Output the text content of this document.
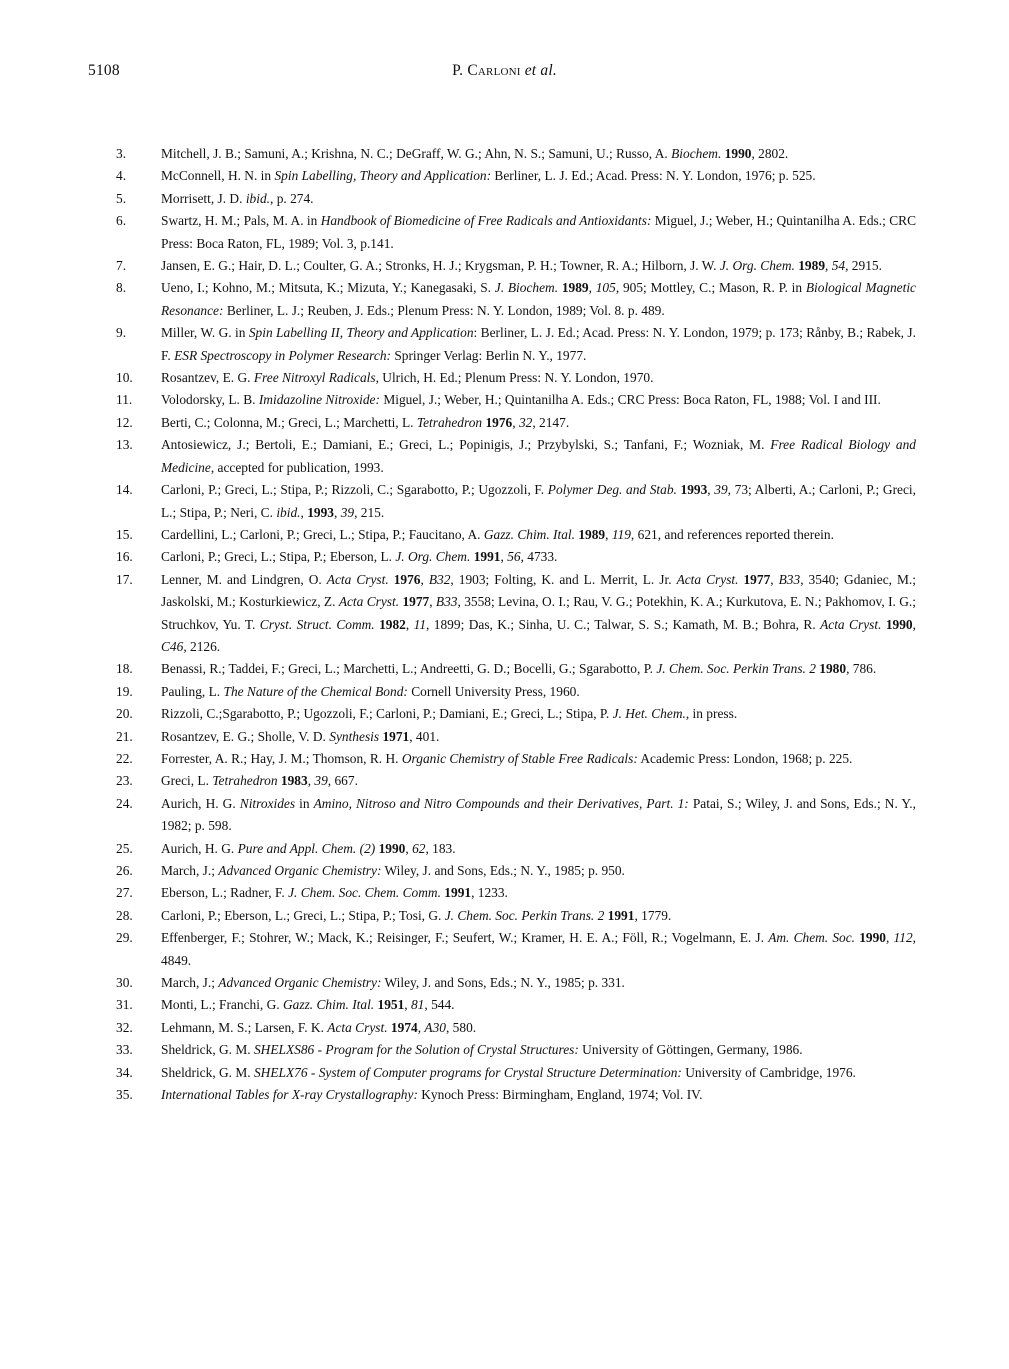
5108	P. Carloni et al.
3.	Mitchell, J. B.; Samuni, A.; Krishna, N. C.; DeGraff, W. G.; Ahn, N. S.; Samuni, U.; Russo, A. Biochem. 1990, 2802.
4.	McConnell, H. N. in Spin Labelling, Theory and Application: Berliner, L. J. Ed.; Acad. Press: N. Y. London, 1976; p. 525.
5.	Morrisett, J. D. ibid., p. 274.
6.	Swartz, H. M.; Pals, M. A. in Handbook of Biomedicine of Free Radicals and Antioxidants: Miguel, J.; Weber, H.; Quintanilha A. Eds.; CRC Press: Boca Raton, FL, 1989; Vol. 3, p.141.
7.	Jansen, E. G.; Hair, D. L.; Coulter, G. A.; Stronks, H. J.; Krygsman, P. H.; Towner, R. A.; Hilborn, J. W. J. Org. Chem. 1989, 54, 2915.
8.	Ueno, I.; Kohno, M.; Mitsuta, K.; Mizuta, Y.; Kanegasaki, S. J. Biochem. 1989, 105, 905; Mottley, C.; Mason, R. P. in Biological Magnetic Resonance: Berliner, L. J.; Reuben, J. Eds.; Plenum Press: N. Y. London, 1989; Vol. 8. p. 489.
9.	Miller, W. G. in Spin Labelling II, Theory and Application: Berliner, L. J. Ed.; Acad. Press: N. Y. London, 1979; p. 173; Rånby, B.; Rabek, J. F. ESR Spectroscopy in Polymer Research: Springer Verlag: Berlin N. Y., 1977.
10. Rosantzev, E. G. Free Nitroxyl Radicals, Ulrich, H. Ed.; Plenum Press: N. Y. London, 1970.
11. Volodorsky, L. B. Imidazoline Nitroxide: Miguel, J.; Weber, H.; Quintanilha A. Eds.; CRC Press: Boca Raton, FL, 1988; Vol. I and III.
12. Berti, C.; Colonna, M.; Greci, L.; Marchetti, L. Tetrahedron 1976, 32, 2147.
13. Antosiewicz, J.; Bertoli, E.; Damiani, E.; Greci, L.; Popinigis, J.; Przybylski, S.; Tanfani, F.; Wozniak, M. Free Radical Biology and Medicine, accepted for publication, 1993.
14. Carloni, P.; Greci, L.; Stipa, P.; Rizzoli, C.; Sgarabotto, P.; Ugozzoli, F. Polymer Deg. and Stab. 1993, 39, 73; Alberti, A.; Carloni, P.; Greci, L.; Stipa, P.; Neri, C. ibid., 1993, 39, 215.
15. Cardellini, L.; Carloni, P.; Greci, L.; Stipa, P.; Faucitano, A. Gazz. Chim. Ital. 1989, 119, 621, and references reported therein.
16. Carloni, P.; Greci, L.; Stipa, P.; Eberson, L. J. Org. Chem. 1991, 56, 4733.
17. Lenner, M. and Lindgren, O. Acta Cryst. 1976, B32, 1903; Folting, K. and L. Merrit, L. Jr. Acta Cryst. 1977, B33, 3540; Gdaniec, M.; Jaskolski, M.; Kosturkiewicz, Z. Acta Cryst. 1977, B33, 3558; Levina, O. I.; Rau, V. G.; Potekhin, K. A.; Kurkutova, E. N.; Pakhomov, I. G.; Struchkov, Yu. T. Cryst. Struct. Comm. 1982, 11, 1899; Das, K.; Sinha, U. C.; Talwar, S. S.; Kamath, M. B.; Bohra, R. Acta Cryst. 1990, C46, 2126.
18. Benassi, R.; Taddei, F.; Greci, L.; Marchetti, L.; Andreetti, G. D.; Bocelli, G.; Sgarabotto, P. J. Chem. Soc. Perkin Trans. 2 1980, 786.
19. Pauling, L. The Nature of the Chemical Bond: Cornell University Press, 1960.
20. Rizzoli, C.;Sgarabotto, P.; Ugozzoli, F.; Carloni, P.; Damiani, E.; Greci, L.; Stipa, P. J. Het. Chem., in press.
21. Rosantzev, E. G.; Sholle, V. D. Synthesis 1971, 401.
22. Forrester, A. R.; Hay, J. M.; Thomson, R. H. Organic Chemistry of Stable Free Radicals: Academic Press: London, 1968; p. 225.
23. Greci, L. Tetrahedron 1983, 39, 667.
24. Aurich, H. G. Nitroxides in Amino, Nitroso and Nitro Compounds and their Derivatives, Part. 1: Patai, S.; Wiley, J. and Sons, Eds.; N. Y., 1982; p. 598.
25. Aurich, H. G. Pure and Appl. Chem. (2) 1990, 62, 183.
26. March, J.; Advanced Organic Chemistry: Wiley, J. and Sons, Eds.; N. Y., 1985; p. 950.
27. Eberson, L.; Radner, F. J. Chem. Soc. Chem. Comm. 1991, 1233.
28. Carloni, P.; Eberson, L.; Greci, L.; Stipa, P.; Tosi, G. J. Chem. Soc. Perkin Trans. 2 1991, 1779.
29. Effenberger, F.; Stohrer, W.; Mack, K.; Reisinger, F.; Seufert, W.; Kramer, H. E. A.; Föll, R.; Vogelmann, E. J. Am. Chem. Soc. 1990, 112, 4849.
30. March, J.; Advanced Organic Chemistry: Wiley, J. and Sons, Eds.; N. Y., 1985; p. 331.
31. Monti, L.; Franchi, G. Gazz. Chim. Ital. 1951, 81, 544.
32. Lehmann, M. S.; Larsen, F. K. Acta Cryst. 1974, A30, 580.
33. Sheldrick, G. M. SHELXS86 - Program for the Solution of Crystal Structures: University of Göttingen, Germany, 1986.
34. Sheldrick, G. M. SHELX76 - System of Computer programs for Crystal Structure Determination: University of Cambridge, 1976.
35. International Tables for X-ray Crystallography: Kynoch Press: Birmingham, England, 1974; Vol. IV.
